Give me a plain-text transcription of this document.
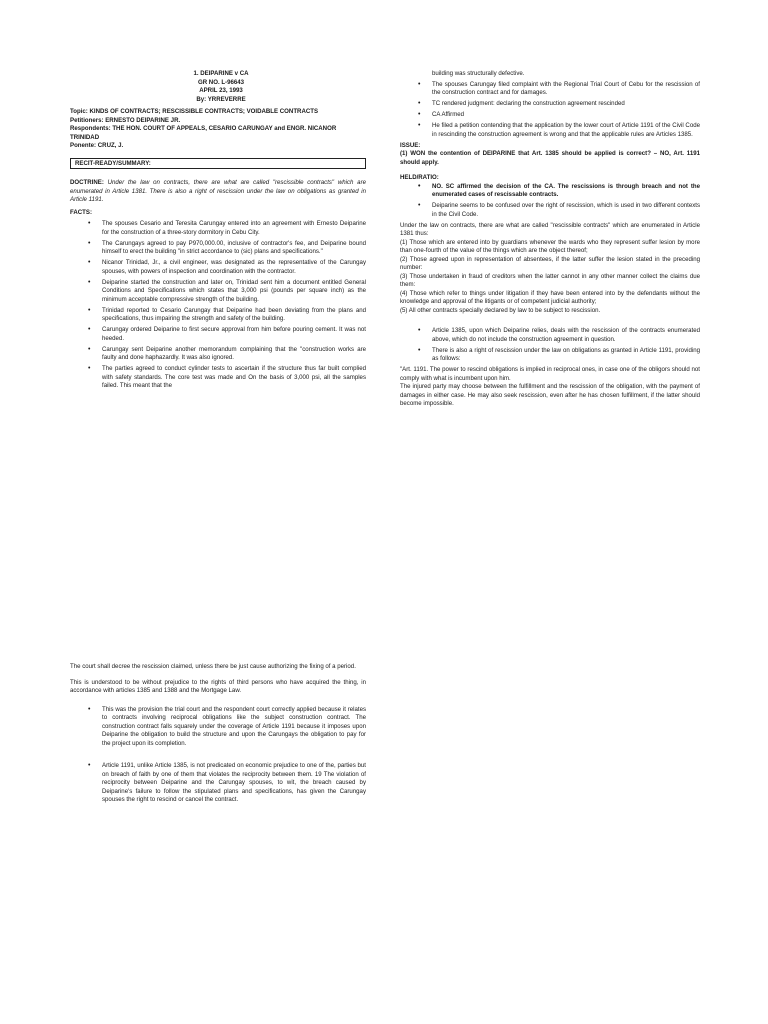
1. DEIPARINE v CA
GR NO. L-96643
APRIL 23, 1993
By: YRREVERRE
Topic: KINDS OF CONTRACTS; RESCISSIBLE CONTRACTS; VOIDABLE CONTRACTS
Petitioners: ERNESTO DEIPARINE JR.
Respondents: THE HON. COURT OF APPEALS, CESARIO CARUNGAY and ENGR. NICANOR TRINIDAD
Ponente: CRUZ, J.
RECIT-READY/SUMMARY:
DOCTRINE: Under the law on contracts, there are what are called "rescissible contracts" which are enumerated in Article 1381. There is also a right of rescission under the law on obligations as granted in Article 1191.
FACTS:
• The spouses Cesario and Teresita Carungay entered into an agreement with Ernesto Deiparine for the construction of a three-story dormitory in Cebu City.
• The Carungays agreed to pay P970,000.00, inclusive of contractor's fee, and Deiparine bound himself to erect the building "in strict accordance to (sic) plans and specifications."
• Nicanor Trinidad, Jr., a civil engineer, was designated as the representative of the Carungay spouses, with powers of inspection and coordination with the contractor.
• Deiparine started the construction and later on, Trinidad sent him a document entitled General Conditions and Specifications which states that 3,000 psi (pounds per square inch) as the minimum acceptable compressive strength of the building.
• Trinidad reported to Cesario Carungay that Deiparine had been deviating from the plans and specifications, thus impairing the strength and safety of the building.
• Carungay ordered Deiparine to first secure approval from him before pouring cement. It was not heeded.
• Carungay sent Deiparine another memorandum complaining that the "construction works are faulty and done haphazardly. It was also ignored.
• The parties agreed to conduct cylinder tests to ascertain if the structure thus far built complied with safety standards. The core test was made and On the basis of 3,000 psi, all the samples failed. This meant that the
building was structurally defective.
• The spouses Carungay filed complaint with the Regional Trial Court of Cebu for the rescission of the construction contract and for damages.
• TC rendered judgment: declaring the construction agreement rescinded
• CA Affirmed
• He filed a petition contending that the application by the lower court of Article 1191 of the Civil Code in rescinding the construction agreement is wrong and that the applicable rules are Articles 1385.
ISSUE:
(1) WON the contention of DEIPARINE that Art. 1385 should be applied is correct? – NO, Art. 1191 should apply.
HELD/RATIO:
• NO. SC affirmed the decision of the CA. The rescissions is through breach and not the enumerated cases of rescissable contracts.
• Deiparine seems to be confused over the right of rescission, which is used in two different contexts in the Civil Code.
Under the law on contracts, there are what are called "rescissible contracts" which are enumerated in Article 1381 thus:
(1) Those which are entered into by guardians whenever the wards who they represent suffer lesion by more than one-fourth of the value of the things which are the object thereof;
(2) Those agreed upon in representation of absentees, if the latter suffer the lesion stated in the preceding number:
(3) Those undertaken in fraud of creditors when the latter cannot in any other manner collect the claims due them:
(4) Those which refer to things under litigation if they have been entered into by the defendants without the knowledge and approval of the litigants or of competent judicial authority;
(5) All other contracts specially declared by law to be subject to rescission.
• Article 1385, upon which Deiparine relies, deals with the rescission of the contracts enumerated above, which do not include the construction agreement in question.
• There is also a right of rescission under the law on obligations as granted in Article 1191, providing as follows:
"Art. 1191. The power to rescind obligations is implied in reciprocal ones, in case one of the obligors should not comply with what is incumbent upon him.
The injured party may choose between the fulfillment and the rescission of the obligation, with the payment of damages in either case. He may also seek rescission, even after he has chosen fulfillment, if the latter should become impossible.
The court shall decree the rescission claimed, unless there be just cause authorizing the fixing of a period.
This is understood to be without prejudice to the rights of third persons who have acquired the thing, in accordance with articles 1385 and 1388 and the Mortgage Law.
• This was the provision the trial court and the respondent court correctly applied because it relates to contracts involving reciprocal obligations like the subject construction contract. The construction contract falls squarely under the coverage of Article 1191 because it imposes upon Deiparine the obligation to build the structure and upon the Carungays the obligation to pay for the project upon its completion.
• Article 1191, unlike Article 1385, is not predicated on economic prejudice to one of the, parties but on breach of faith by one of them that violates the reciprocity between them. 19 The violation of reciprocity between Deiparine and the Carungay spouses, to wit, the breach caused by Deiparine's failure to follow the stipulated plans and specifications, has given the Carungay spouses the right to rescind or cancel the contract.
